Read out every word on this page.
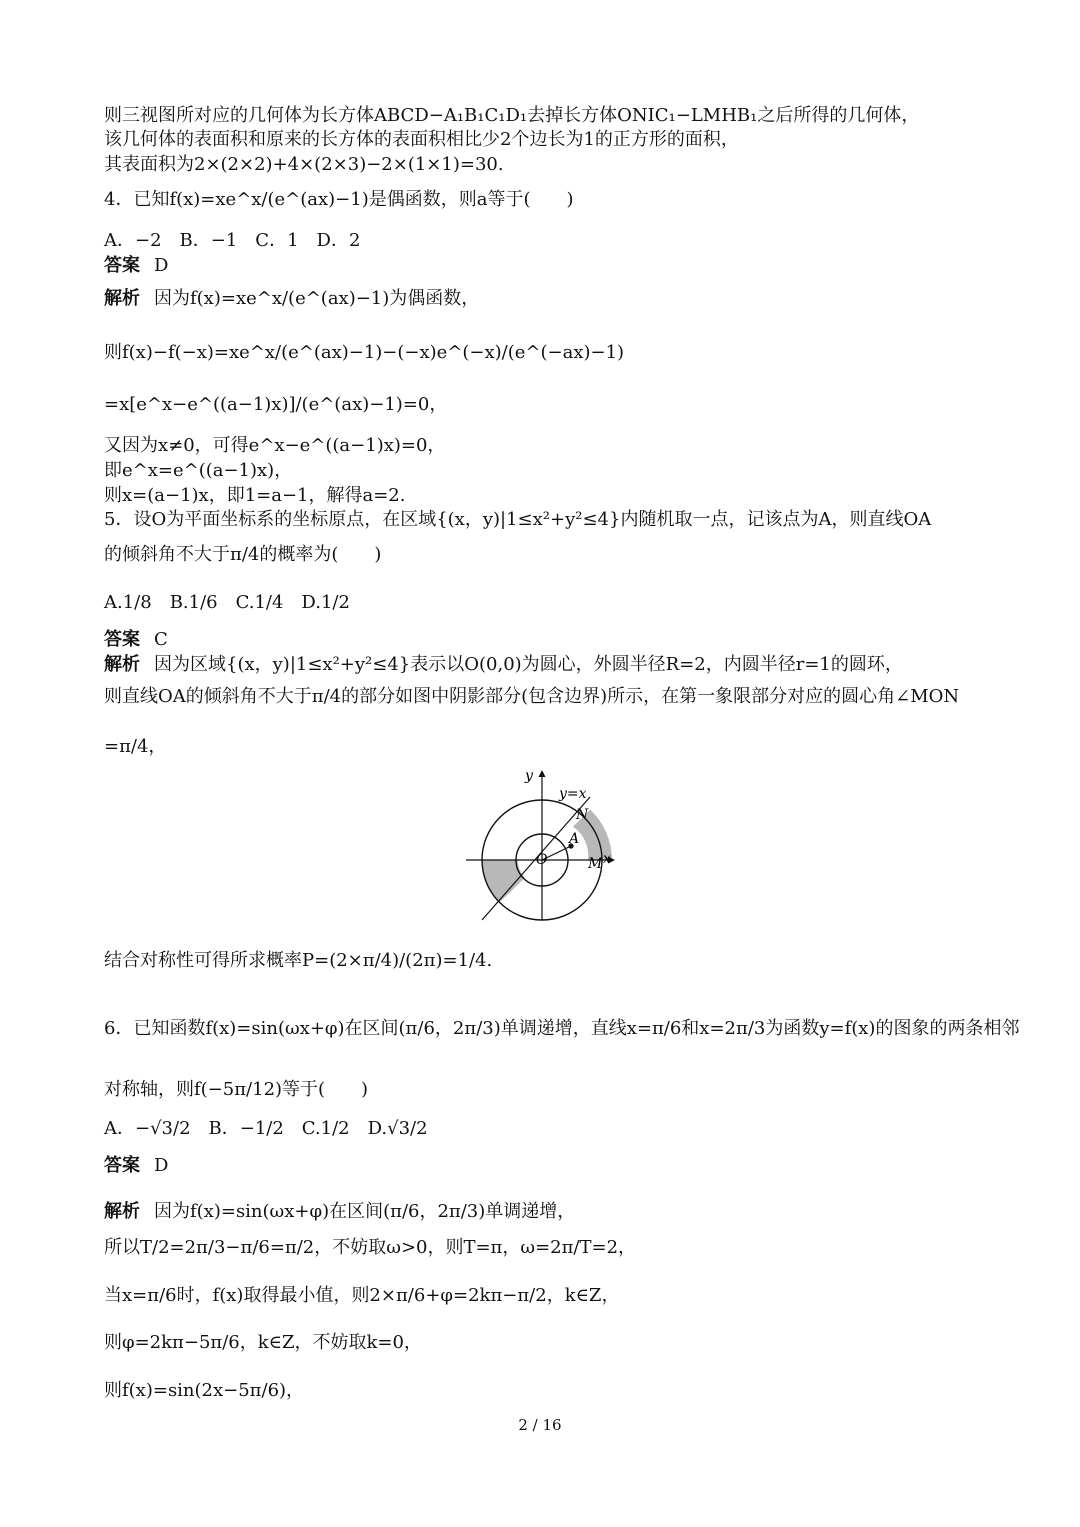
则三视图所对应的几何体为长方体ABCD−A₁B₁C₁D₁去掉长方体ONIC₁−LMHB₁之后所得的几何体，
该几何体的表面积和原来的长方体的表面积相比少2个边长为1的正方形的面积，
其表面积为2×(2×2)+4×(2×3)−2×(1×1)=30.
4．已知f(x)=xe^x/(e^(ax)−1)是偶函数，则a等于(　　)
A．−2　B．−1　C．1　D．2
答案 D
解析 因为f(x)=xe^x/(e^(ax)−1)为偶函数，
则f(x)−f(−x)=xe^x/(e^(ax)−1)−(−x)e^(−x)/(e^(−ax)−1)
=x[e^x−e^((a−1)x)]/(e^(ax)−1)=0，
又因为x≠0，可得e^x−e^((a−1)x)=0，
即e^x=e^((a−1)x)，
则x=(a−1)x，即1=a−1，解得a=2.
5．设O为平面坐标系的坐标原点，在区域{(x，y)|1≤x²+y²≤4}内随机取一点，记该点为A，则直线OA
的倾斜角不大于π/4的概率为(　　)
A.1/8　B.1/6　C.1/4　D.1/2
答案 C
解析 因为区域{(x，y)|1≤x²+y²≤4}表示以O(0,0)为圆心，外圆半径R=2，内圆半径r=1的圆环，
则直线OA的倾斜角不大于π/4的部分如图中阴影部分(包含边界)所示，在第一象限部分对应的圆心角∠MON
=π/4，
y
y=x
N
A
O	M x
结合对称性可得所求概率P=(2×π/4)/(2π)=1/4.
6．已知函数f(x)=sin(ωx+φ)在区间(π/6，2π/3)单调递增，直线x=π/6和x=2π/3为函数y=f(x)的图象的两条相邻
对称轴，则f(−5π/12)等于(　　)
A．−√3/2　B．−1/2　C.1/2　D.√3/2
答案 D
解析 因为f(x)=sin(ωx+φ)在区间(π/6，2π/3)单调递增，
所以T/2=2π/3−π/6=π/2，不妨取ω>0，则T=π，ω=2π/T=2，
当x=π/6时，f(x)取得最小值，则2×π/6+φ=2kπ−π/2，k∈Z，
则φ=2kπ−5π/6，k∈Z，不妨取k=0，
则f(x)=sin(2x−5π/6)，
2 / 16
